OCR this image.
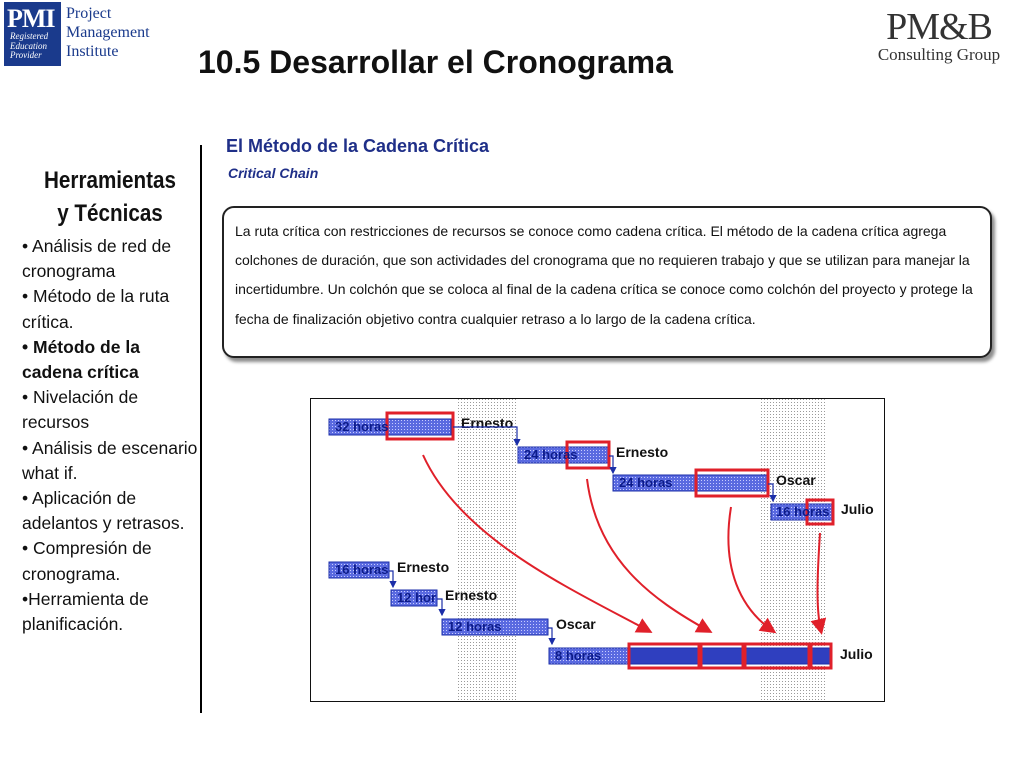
PMI
Registered Education Provider
Project
Management
Institute
PM&B
Consulting Group
10.5 Desarrollar el Cronograma
Herramientas
y Técnicas
• Análisis de red de cronograma
• Método de la ruta crítica.
• Método de la cadena crítica
• Nivelación de recursos
• Análisis de escenario what if.
• Aplicación de adelantos y retrasos.
• Compresión de cronograma.
•Herramienta de planificación.
El Método de la Cadena Crítica
Critical Chain
La ruta crítica con restricciones de recursos se conoce como cadena crítica. El método de la cadena crítica agrega colchones de duración, que son actividades del cronograma que no requieren trabajo y que se utilizan para manejar la incertidumbre. Un colchón que se coloca al final de la cadena crítica se conoce como colchón del proyecto y protege la fecha de finalización objetivo contra cualquier retraso a lo largo de la cadena crítica.
32 horas	Ernesto
24 horas	Ernesto
24 horas	Oscar
16 horas Julio
16 horas Ernesto
12 hor Ernesto
12 horas	Oscar
8 horas	Julio
